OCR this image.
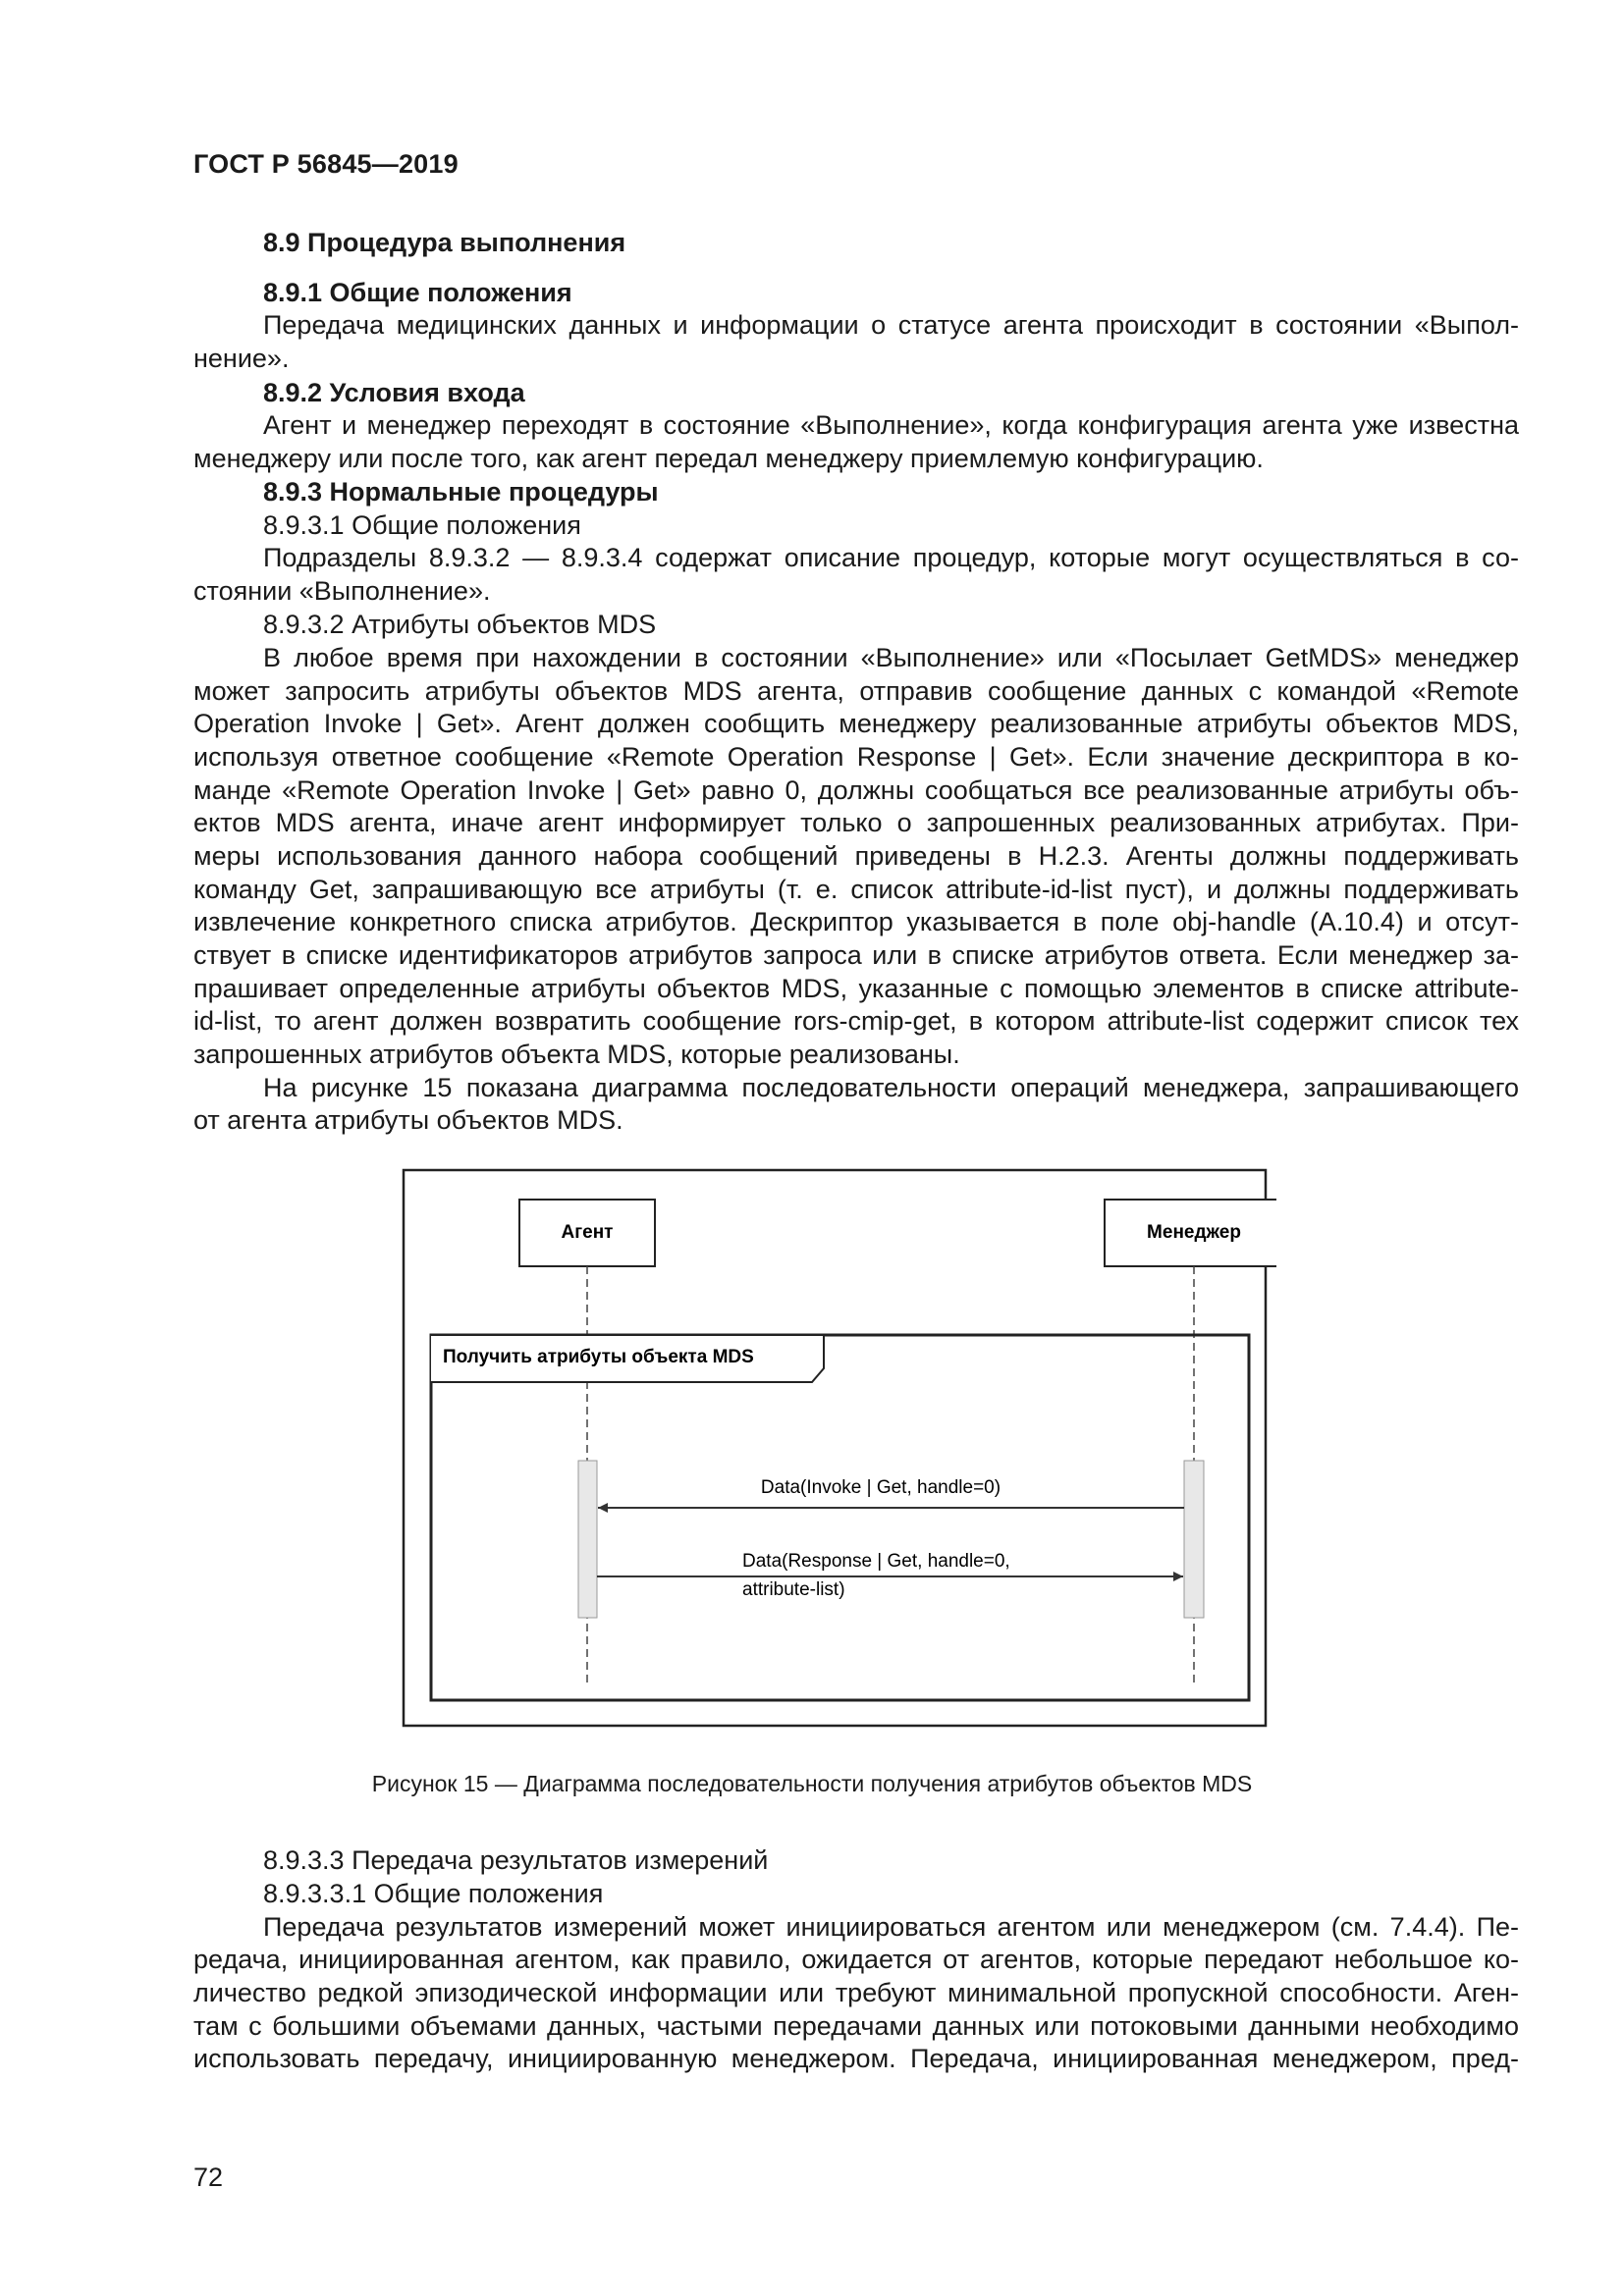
ГОСТ Р 56845—2019
8.9 Процедура выполнения
8.9.1 Общие положения
Передача медицинских данных и информации о статусе агента происходит в состоянии «Выпол-
нение».
8.9.2 Условия входа
Агент и менеджер переходят в состояние «Выполнение», когда конфигурация агента уже известна
менеджеру или после того, как агент передал менеджеру приемлемую конфигурацию.
8.9.3 Нормальные процедуры
8.9.3.1 Общие положения
Подразделы 8.9.3.2 — 8.9.3.4 содержат описание процедур, которые могут осуществляться в со-
стоянии «Выполнение».
8.9.3.2 Атрибуты объектов MDS
В любое время при нахождении в состоянии «Выполнение» или «Посылает GetMDS» менеджер
может запросить атрибуты объектов MDS агента, отправив сообщение данных с командой «Remote
Operation Invoke | Get». Агент должен сообщить менеджеру реализованные атрибуты объектов MDS,
используя ответное сообщение «Remote Operation Response | Get». Если значение дескриптора в ко-
манде «Remote Operation Invoke | Get» равно 0, должны сообщаться все реализованные атрибуты объ-
ектов MDS агента, иначе агент информирует только о запрошенных реализованных атрибутах. При-
меры использования данного набора сообщений приведены в Н.2.3. Агенты должны поддерживать
команду Get, запрашивающую все атрибуты (т. е. список attribute-id-list пуст), и должны поддерживать
извлечение конкретного списка атрибутов. Дескриптор указывается в поле obj-handle (A.10.4) и отсут-
ствует в списке идентификаторов атрибутов запроса или в списке атрибутов ответа. Если менеджер за-
прашивает определенные атрибуты объектов MDS, указанные с помощью элементов в списке attribute-
id-list, то агент должен возвратить сообщение rors-cmip-get, в котором attribute-list содержит список тех
запрошенных атрибутов объекта MDS, которые реализованы.
На рисунке 15 показана диаграмма последовательности операций менеджера, запрашивающего
от агента атрибуты объектов MDS.
Агент	Менеджер
Получить атрибуты объекта MDS
Data(Invoke | Get, handle=0)
Data(Response | Get, handle=0,
attribute-list)
Рисунок 15 — Диаграмма последовательности получения атрибутов объектов MDS
8.9.3.3 Передача результатов измерений
8.9.3.3.1 Общие положения
Передача результатов измерений может инициироваться агентом или менеджером (см. 7.4.4). Пе-
редача, инициированная агентом, как правило, ожидается от агентов, которые передают небольшое ко-
личество редкой эпизодической информации или требуют минимальной пропускной способности. Аген-
там с большими объемами данных, частыми передачами данных или потоковыми данными необходимо
использовать передачу, инициированную менеджером. Передача, инициированная менеджером, пред-
72
